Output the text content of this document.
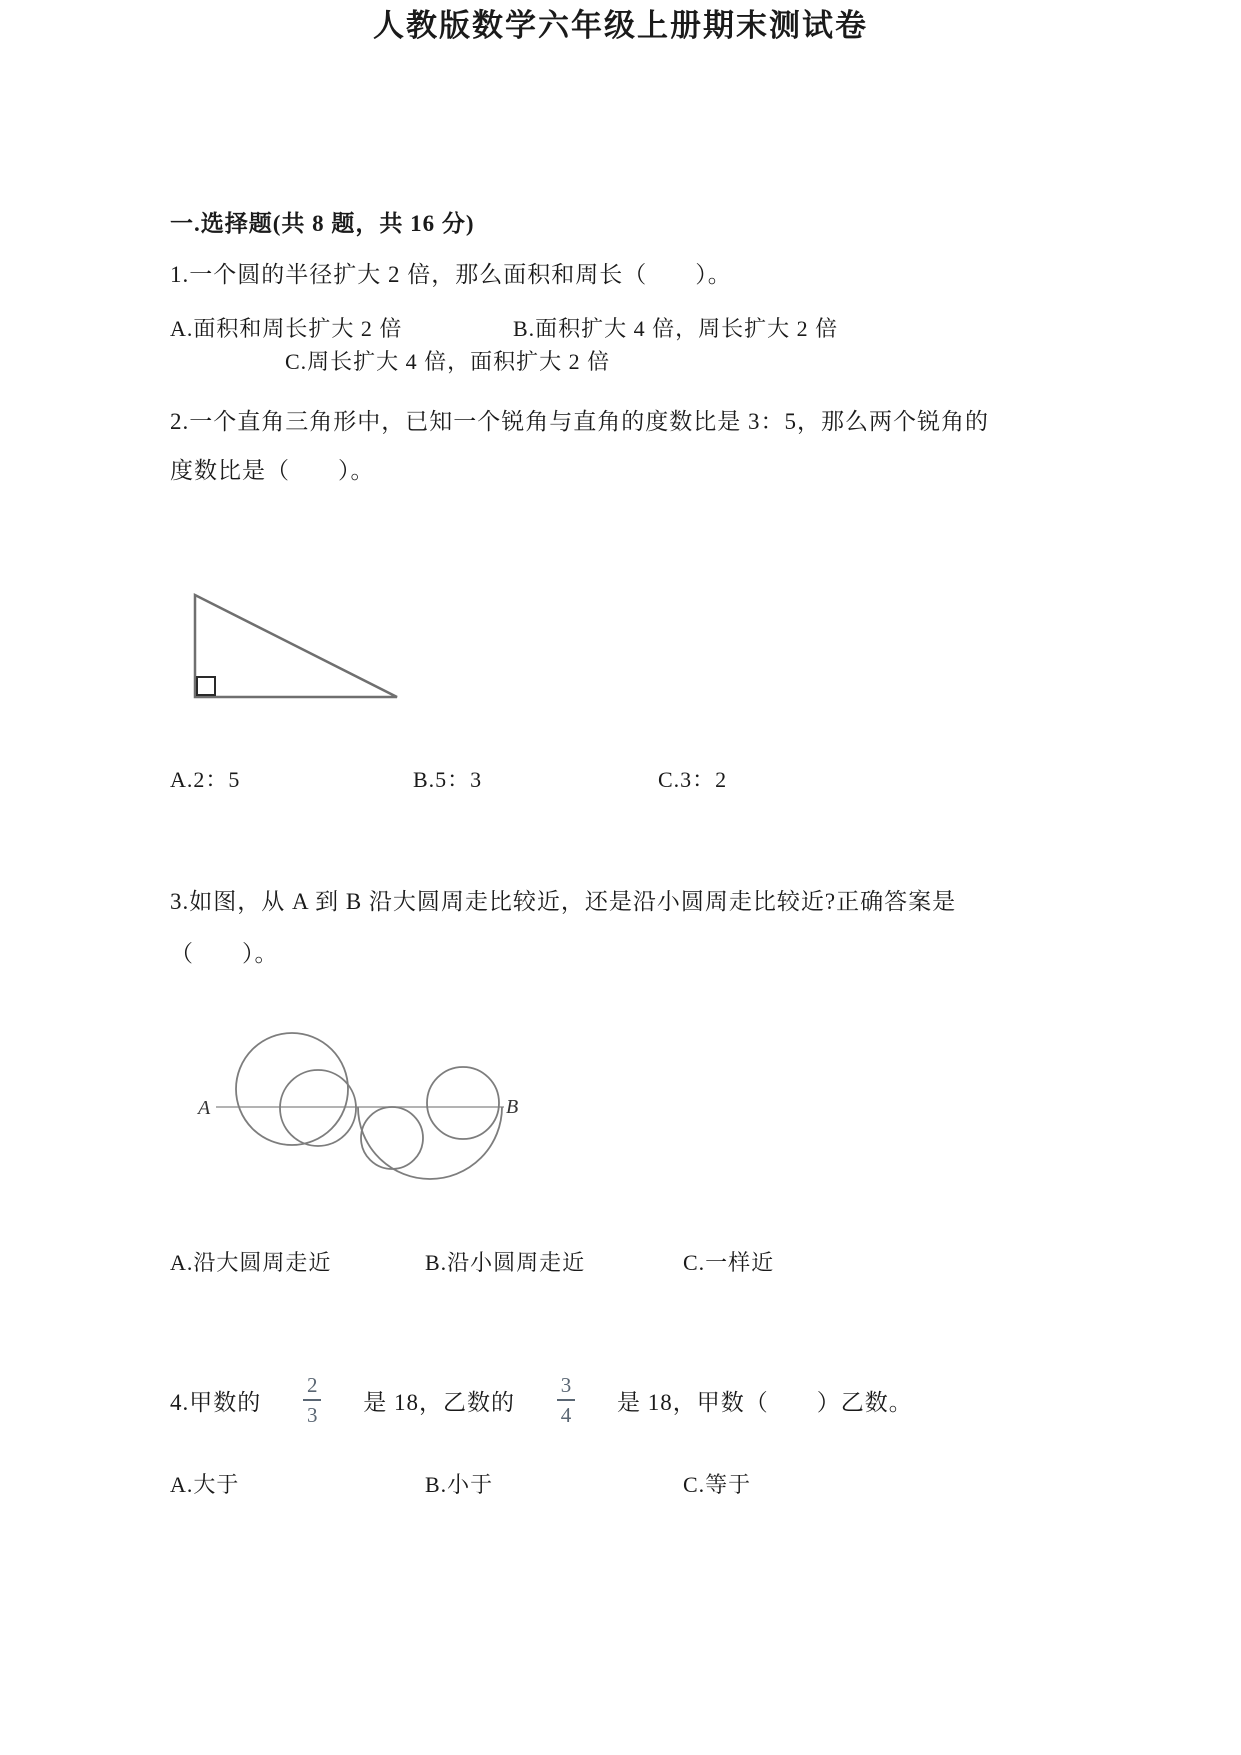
人教版数学六年级上册期末测试卷
一.选择题(共 8 题，共 16 分)
1.一个圆的半径扩大 2 倍，那么面积和周长（　　）。
A.面积和周长扩大 2 倍	B.面积扩大 4 倍，周长扩大 2 倍
C.周长扩大 4 倍，面积扩大 2 倍
2.一个直角三角形中，已知一个锐角与直角的度数比是 3：5，那么两个锐角的
度数比是（　　）。
A.2：5	B.5：3	C.3：2
3.如图，从 A 到 B 沿大圆周走比较近，还是沿小圆周走比较近?正确答案是
（　　）。
A	B
A.沿大圆周走近	B.沿小圆周走近	C.一样近
4.甲数的 $\frac{2}{3}$ 是 18，乙数的 $\frac{3}{4}$ 是 18，甲数（　　）乙数。
A.大于	B.小于	C.等于
